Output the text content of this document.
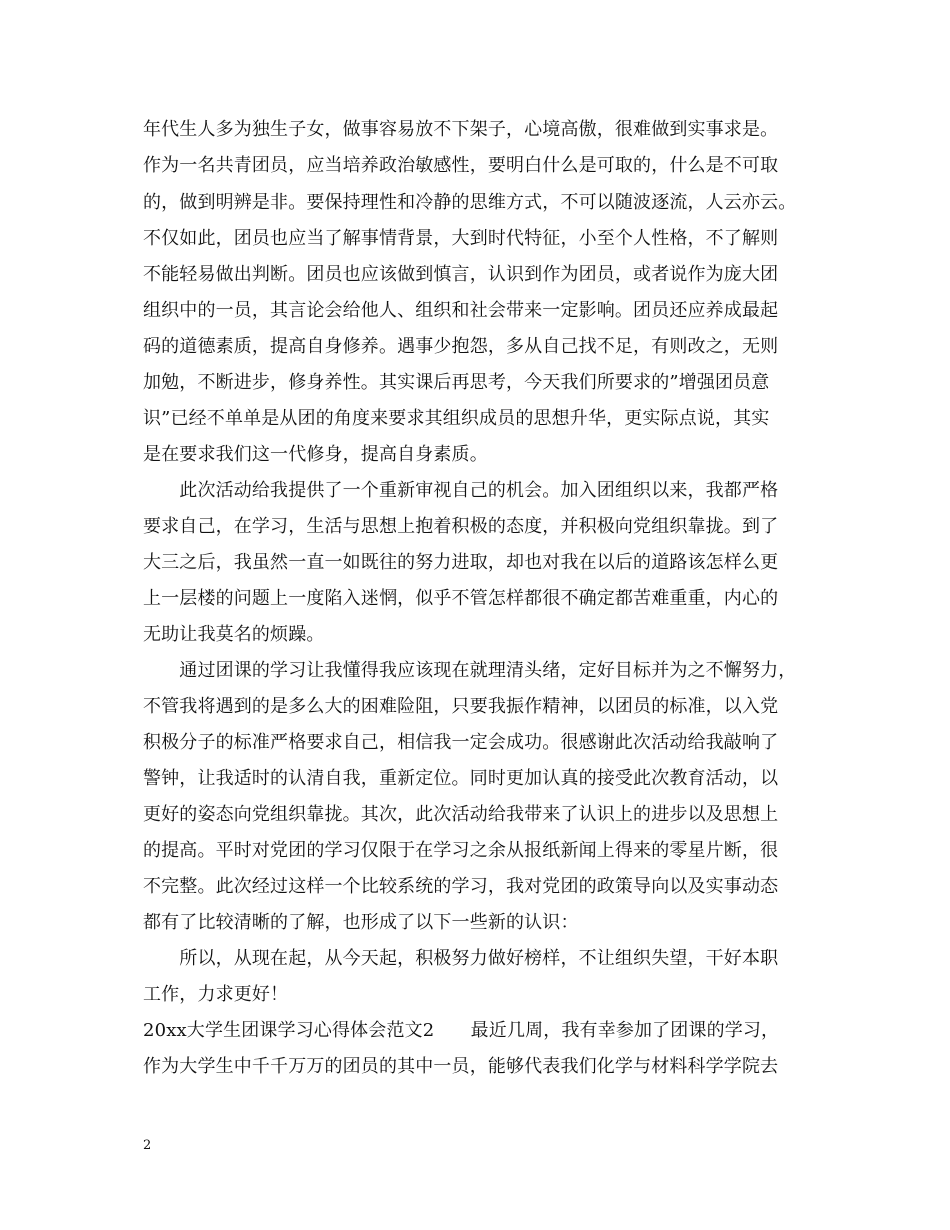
年代生人多为独生子女，做事容易放不下架子，心境高傲，很难做到实事求是。
作为一名共青团员，应当培养政治敏感性，要明白什么是可取的，什么是不可取
的，做到明辨是非。要保持理性和冷静的思维方式，不可以随波逐流，人云亦云。
不仅如此，团员也应当了解事情背景，大到时代特征，小至个人性格，不了解则
不能轻易做出判断。团员也应该做到慎言，认识到作为团员，或者说作为庞大团
组织中的一员，其言论会给他人、组织和社会带来一定影响。团员还应养成最起
码的道德素质，提高自身修养。遇事少抱怨，多从自己找不足，有则改之，无则
加勉，不断进步，修身养性。其实课后再思考，今天我们所要求的”增强团员意
识”已经不单单是从团的角度来要求其组织成员的思想升华，更实际点说，其实
是在要求我们这一代修身，提高自身素质。
　　此次活动给我提供了一个重新审视自己的机会。加入团组织以来，我都严格
要求自己，在学习，生活与思想上抱着积极的态度，并积极向党组织靠拢。到了
大三之后，我虽然一直一如既往的努力进取，却也对我在以后的道路该怎样么更
上一层楼的问题上一度陷入迷惘，似乎不管怎样都很不确定都苦难重重，内心的
无助让我莫名的烦躁。
　　通过团课的学习让我懂得我应该现在就理清头绪，定好目标并为之不懈努力，
不管我将遇到的是多么大的困难险阻，只要我振作精神，以团员的标准，以入党
积极分子的标准严格要求自己，相信我一定会成功。很感谢此次活动给我敲响了
警钟，让我适时的认清自我，重新定位。同时更加认真的接受此次教育活动，以
更好的姿态向党组织靠拢。其次，此次活动给我带来了认识上的进步以及思想上
的提高。平时对党团的学习仅限于在学习之余从报纸新闻上得来的零星片断，很
不完整。此次经过这样一个比较系统的学习，我对党团的政策导向以及实事动态
都有了比较清晰的了解，也形成了以下一些新的认识：
　　所以，从现在起，从今天起，积极努力做好榜样，不让组织失望，干好本职
工作，力求更好！
20xx大学生团课学习心得体会范文2　　最近几周，我有幸参加了团课的学习，
作为大学生中千千万万的团员的其中一员，能够代表我们化学与材料科学学院去
2
